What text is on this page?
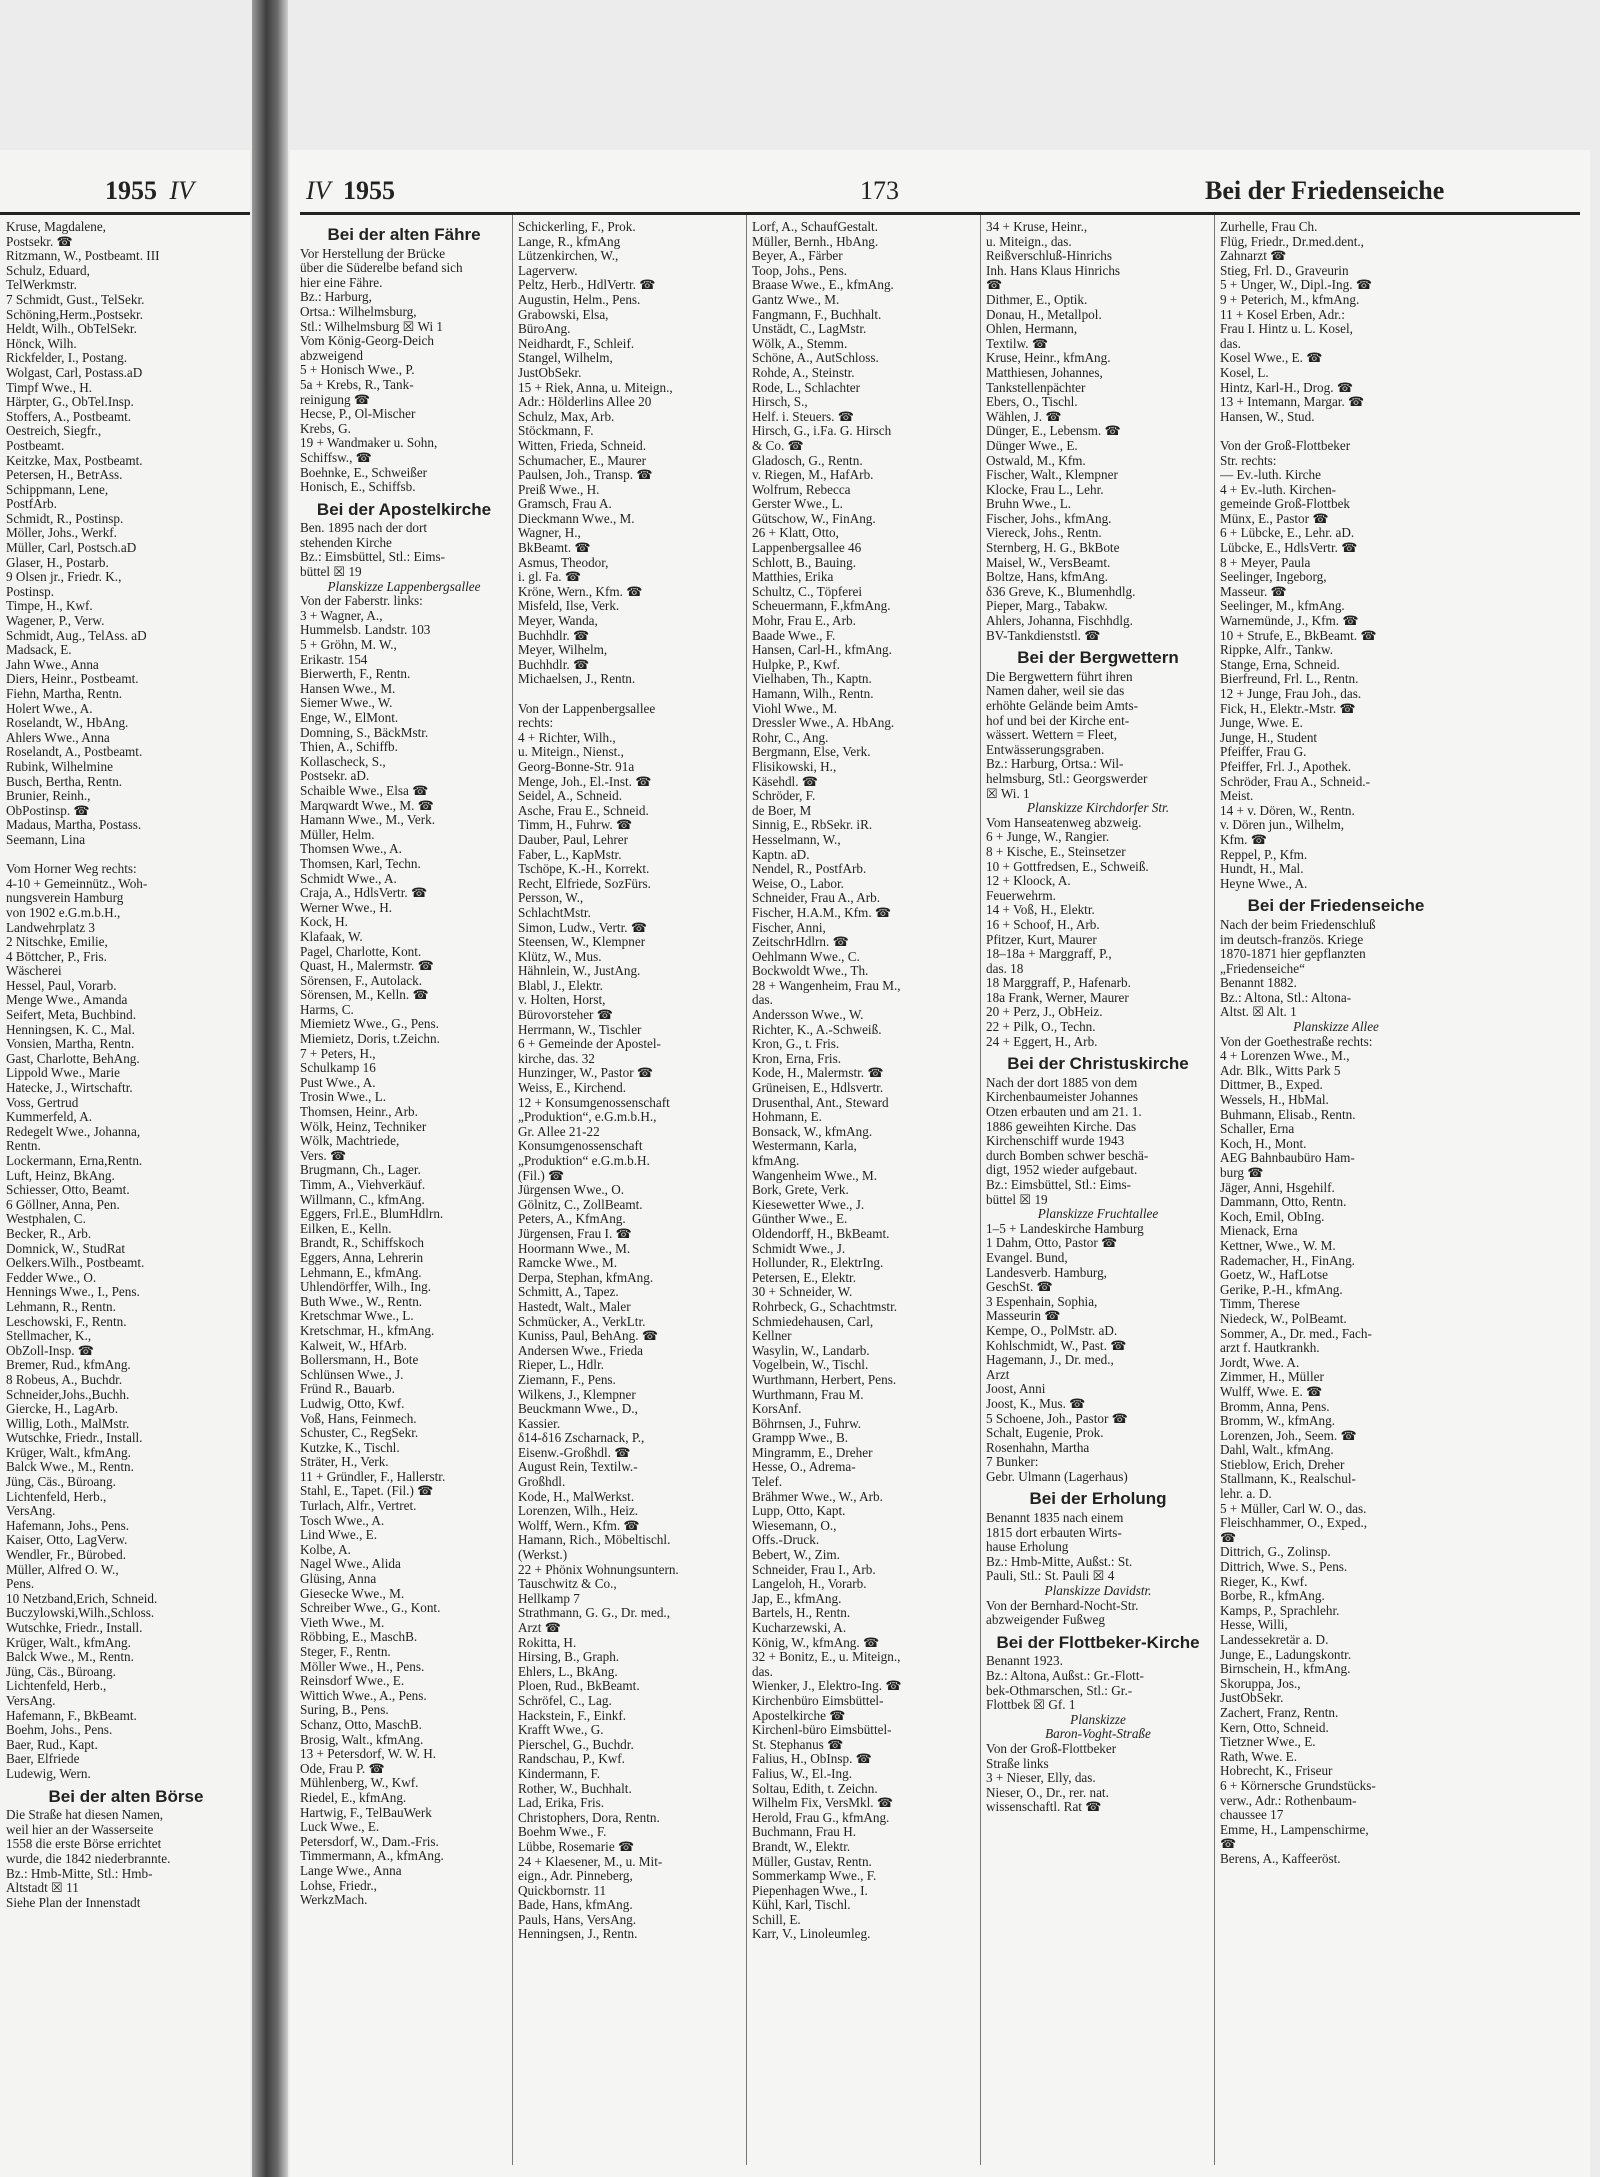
1955 IV	IV 1955	173	Bei der Friedenseiche
Kruse, Magdalene,
Postsekr. ☎
Ritzmann, W., Postbeamt. III
Schulz, Eduard,
TelWerkmstr.
7 Schmidt, Gust., TelSekr.
Schöning,Herm.,Postsekr.
Heldt, Wilh., ObTelSekr.
Hönck, Wilh.
Rickfelder, I., Postang.
Wolgast, Carl, Postass.aD
Timpf Wwe., H.
Härpter, G., ObTel.Insp.
Stoffers, A., Postbeamt.
Oestreich, Siegfr.,
Postbeamt.
Keitzke, Max, Postbeamt.
Petersen, H., BetrAss.
Schippmann, Lene,
PostfArb.
Schmidt, R., Postinsp.
Möller, Johs., Werkf.
Müller, Carl, Postsch.aD
Glaser, H., Postarb.
9 Olsen jr., Friedr. K.,
Postinsp.
Timpe, H., Kwf.
Wagener, P., Verw.
Schmidt, Aug., TelAss. aD
Madsack, E.
Jahn Wwe., Anna
Diers, Heinr., Postbeamt.
Fiehn, Martha, Rentn.
Holert Wwe., A.
Roselandt, W., HbAng.
Ahlers Wwe., Anna
Roselandt, A., Postbeamt.
Rubink, Wilhelmine
Busch, Bertha, Rentn.
Brunier, Reinh.,
ObPostinsp. ☎
Madaus, Martha, Postass.
Seemann, Lina

Vom Horner Weg rechts:
4-10 + Gemeinnütz., Woh-
nungsverein Hamburg
von 1902 e.G.m.b.H.,
Landwehrplatz 3
2 Nitschke, Emilie,
4 Böttcher, P., Fris.
Wäscherei
Hessel, Paul, Vorarb.
Menge Wwe., Amanda
Seifert, Meta, Buchbind.
Henningsen, K. C., Mal.
Vonsien, Martha, Rentn.
Gast, Charlotte, BehAng.
Lippold Wwe., Marie
Hatecke, J., Wirtschaftr.
Voss, Gertrud
Kummerfeld, A.
Redegelt Wwe., Johanna,
Rentn.
Lockermann, Erna,Rentn.
Luft, Heinz, BkAng.
Schiesser, Otto, Beamt.
6 Göllner, Anna, Pen.
Westphalen, C.
Becker, R., Arb.
Domnick, W., StudRat
Oelkers.Wilh., Postbeamt.
Fedder Wwe., O.
Hennings Wwe., I., Pens.
Lehmann, R., Rentn.
Leschowski, F., Rentn.
Stellmacher, K.,
ObZoll-Insp. ☎
Bremer, Rud., kfmAng.
8 Robeus, A., Buchdr.
Schneider,Johs.,Buchh.
Giercke, H., LagArb.
Willig, Loth., MalMstr.
Wutschke, Friedr., Install.
Krüger, Walt., kfmAng.
Balck Wwe., M., Rentn.
Jüng, Cäs., Büroang.
Lichtenfeld, Herb.,
VersAng.
Hafemann, Johs., Pens.
Kaiser, Otto, LagVerw.
Wendler, Fr., Bürobed.
Müller, Alfred O. W.,
Pens.
10 Netzband,Erich, Schneid.
Buczylowski,Wilh.,Schloss.
Wutschke, Friedr., Install.
Krüger, Walt., kfmAng.
Balck Wwe., M., Rentn.
Jüng, Cäs., Büroang.
Lichtenfeld, Herb.,
VersAng.
Hafemann, F., BkBeamt.
Boehm, Johs., Pens.
Baer, Rud., Kapt.
Baer, Elfriede
Ludewig, Wern.
Bei der alten Börse
Die Straße hat diesen Namen,
weil hier an der Wasserseite
1558 die erste Börse errichtet
wurde, die 1842 niederbrannte.
Bz.: Hmb-Mitte, Stl.: Hmb-
Altstadt ☒ 11
Siehe Plan der Innenstadt
Bei der alten Fähre
Vor Herstellung der Brücke
über die Süderelbe befand sich
hier eine Fähre.
Bz.: Harburg,
Ortsa.: Wilhelmsburg,
Stl.: Wilhelmsburg ☒ Wi 1
Vom König-Georg-Deich
abzweigend
5 + Honisch Wwe., P.
5a + Krebs, R., Tank-
reinigung ☎
Hecse, P., Ol-Mischer
Krebs, G.
19 + Wandmaker u. Sohn,
Schiffsw., ☎
Boehnke, E., Schweißer
Honisch, E., Schiffsb.
Bei der Apostelkirche
Ben. 1895 nach der dort
stehenden Kirche
Bz.: Eimsbüttel, Stl.: Eims-
büttel ☒ 19
Planskizze Lappenbergsallee
Von der Faberstr. links:
3 + Wagner, A.,
Hummelsb. Landstr. 103
5 + Gröhn, M. W.,
Erikastr. 154
Bierwerth, F., Rentn.
Hansen Wwe., M.
Siemer Wwe., W.
Enge, W., ElMont.
Domning, S., BäckMstr.
Thien, A., Schiffb.
Kollascheck, S.,
Postsekr. aD.
Schaible Wwe., Elsa ☎
Marqwardt Wwe., M. ☎
Hamann Wwe., M., Verk.
Müller, Helm.
Thomsen Wwe., A.
Thomsen, Karl, Techn.
Schmidt Wwe., A.
Craja, A., HdlsVertr. ☎
Werner Wwe., H.
Kock, H.
Klafaak, W.
Pagel, Charlotte, Kont.
Quast, H., Malermstr. ☎
Sörensen, F., Autolack.
Sörensen, M., Kelln. ☎
Harms, C.
Miemietz Wwe., G., Pens.
Miemietz, Doris, t.Zeichn.
7 + Peters, H.,
Schulkamp 16
Pust Wwe., A.
Trosin Wwe., L.
Thomsen, Heinr., Arb.
Wölk, Heinz, Techniker
Wölk, Machtriede,
Vers. ☎
Brugmann, Ch., Lager.
Timm, A., Viehverkäuf.
Willmann, C., kfmAng.
Eggers, Frl.E., BlumHdlrn.
Eilken, E., Kelln.
Brandt, R., Schiffskoch
Eggers, Anna, Lehrerin
Lehmann, E., kfmAng.
Uhlendörffer, Wilh., Ing.
Buth Wwe., W., Rentn.
Kretschmar Wwe., L.
Kretschmar, H., kfmAng.
Kalweit, W., HfArb.
Bollersmann, H., Bote
Schlünsen Wwe., J.
Fründ R., Bauarb.
Ludwig, Otto, Kwf.
Voß, Hans, Feinmech.
Schuster, C., RegSekr.
Kutzke, K., Tischl.
Sträter, H., Verk.
11 + Gründler, F., Hallerstr.
Stahl, E., Tapet. (Fil.) ☎
Turlach, Alfr., Vertret.
Tosch Wwe., A.
Lind Wwe., E.
Kolbe, A.
Nagel Wwe., Alida
Glüsing, Anna
Giesecke Wwe., M.
Schreiber Wwe., G., Kont.
Vieth Wwe., M.
Röbbing, E., MaschB.
Steger, F., Rentn.
Möller Wwe., H., Pens.
Reinsdorf Wwe., E.
Wittich Wwe., A., Pens.
Suring, B., Pens.
Schanz, Otto, MaschB.
Brosig, Walt., kfmAng.
13 + Petersdorf, W. W. H.
Ode, Frau P. ☎
Mühlenberg, W., Kwf.
Riedel, E., kfmAng.
Hartwig, F., TelBauWerk
Luck Wwe., E.
Petersdorf, W., Dam.-Fris.
Timmermann, A., kfmAng.
Lange Wwe., Anna
Lohse, Friedr.,
WerkzMach.
Schickerling, F., Prok.
Lange, R., kfmAng
Lützenkirchen, W.,
Lagerverw.
Peltz, Herb., HdlVertr. ☎
Augustin, Helm., Pens.
Grabowski, Elsa,
BüroAng.
Neidhardt, F., Schleif.
Stangel, Wilhelm,
JustObSekr.
15 + Riek, Anna, u. Miteign.,
Adr.: Hölderlins Allee 20
Schulz, Max, Arb.
Stöckmann, F.
Witten, Frieda, Schneid.
Schumacher, E., Maurer
Paulsen, Joh., Transp. ☎
Preiß Wwe., H.
Gramsch, Frau A.
Dieckmann Wwe., M.
Wagner, H.,
BkBeamt. ☎
Asmus, Theodor,
i. gl. Fa. ☎
Kröne, Wern., Kfm. ☎
Misfeld, Ilse, Verk.
Meyer, Wanda,
Buchhdlr. ☎
Meyer, Wilhelm,
Buchhdlr. ☎
Michaelsen, J., Rentn.

Von der Lappenbergsallee
rechts:
4 + Richter, Wilh.,
u. Miteign., Nienst.,
Georg-Bonne-Str. 91a
Menge, Joh., El.-Inst. ☎
Seidel, A., Schneid.
Asche, Frau E., Schneid.
Timm, H., Fuhrw. ☎
Dauber, Paul, Lehrer
Faber, L., KapMstr.
Tschöpe, K.-H., Korrekt.
Recht, Elfriede, SozFürs.
Persson, W.,
SchlachtMstr.
Simon, Ludw., Vertr. ☎
Steensen, W., Klempner
Klütz, W., Mus.
Hähnlein, W., JustAng.
Blabl, J., Elektr.
v. Holten, Horst,
Bürovorsteher ☎
Herrmann, W., Tischler
6 + Gemeinde der Apostel-
kirche, das. 32
Hunzinger, W., Pastor ☎
Weiss, E., Kirchend.
12 + Konsumgenossenschaft
„Produktion“, e.G.m.b.H.,
Gr. Allee 21-22
Konsumgenossenschaft
„Produktion“ e.G.m.b.H.
(Fil.) ☎
Jürgensen Wwe., O.
Gölnitz, C., ZollBeamt.
Peters, A., KfmAng.
Jürgensen, Frau I. ☎
Hoormann Wwe., M.
Ramcke Wwe., M.
Derpa, Stephan, kfmAng.
Schmitt, A., Tapez.
Hastedt, Walt., Maler
Schmücker, A., VerkLtr.
Kuniss, Paul, BehAng. ☎
Andersen Wwe., Frieda
Rieper, L., Hdlr.
Ziemann, F., Pens.
Wilkens, J., Klempner
Beuckmann Wwe., D.,
Kassier.
δ14-δ16 Zscharnack, P.,
Eisenw.-Großhdl. ☎
August Rein, Textilw.-
Großhdl.
Kode, H., MalWerkst.
Lorenzen, Wilh., Heiz.
Wolff, Wern., Kfm. ☎
Hamann, Rich., Möbeltischl.
(Werkst.)
22 + Phönix Wohnungsuntern.
Tauschwitz & Co.,
Hellkamp 7
Strathmann, G. G., Dr. med.,
Arzt ☎
Rokitta, H.
Hirsing, B., Graph.
Ehlers, L., BkAng.
Ploen, Rud., BkBeamt.
Schröfel, C., Lag.
Hackstein, F., Einkf.
Krafft Wwe., G.
Pierschel, G., Buchdr.
Randschau, P., Kwf.
Kindermann, F.
Rother, W., Buchhalt.
Lad, Erika, Fris.
Christophers, Dora, Rentn.
Boehm Wwe., F.
Lübbe, Rosemarie ☎
24 + Klaesener, M., u. Mit-
eign., Adr. Pinneberg,
Quickbornstr. 11
Bade, Hans, kfmAng.
Pauls, Hans, VersAng.
Henningsen, J., Rentn.
Lorf, A., SchaufGestalt.
Müller, Bernh., HbAng.
Beyer, A., Färber
Toop, Johs., Pens.
Braase Wwe., E., kfmAng.
Gantz Wwe., M.
Fangmann, F., Buchhalt.
Unstädt, C., LagMstr.
Wölk, A., Stemm.
Schöne, A., AutSchloss.
Rohde, A., Steinstr.
Rode, L., Schlachter
Hirsch, S.,
Helf. i. Steuers. ☎
Hirsch, G., i.Fa. G. Hirsch
& Co. ☎
Gladosch, G., Rentn.
v. Riegen, M., HafArb.
Wolfrum, Rebecca
Gerster Wwe., L.
Gütschow, W., FinAng.
26 + Klatt, Otto,
Lappenbergsallee 46
Schlott, B., Bauing.
Matthies, Erika
Schultz, C., Töpferei
Scheuermann, F.,kfmAng.
Mohr, Frau E., Arb.
Baade Wwe., F.
Hansen, Carl-H., kfmAng.
Hulpke, P., Kwf.
Vielhaben, Th., Kaptn.
Hamann, Wilh., Rentn.
Viohl Wwe., M.
Dressler Wwe., A. HbAng.
Rohr, C., Ang.
Bergmann, Else, Verk.
Flisikowski, H.,
Käsehdl. ☎
Schröder, F.
de Boer, M
Sinnig, E., RbSekr. iR.
Hesselmann, W.,
Kaptn. aD.
Nendel, R., PostfArb.
Weise, O., Labor.
Schneider, Frau A., Arb.
Fischer, H.A.M., Kfm. ☎
Fischer, Anni,
ZeitschrHdlrn. ☎
Oehlmann Wwe., C.
Bockwoldt Wwe., Th.
28 + Wangenheim, Frau M.,
das.
Andersson Wwe., W.
Richter, K., A.-Schweiß.
Kron, G., t. Fris.
Kron, Erna, Fris.
Kode, H., Malermstr. ☎
Grüneisen, E., Hdlsvertr.
Drusenthal, Ant., Steward
Hohmann, E.
Bonsack, W., kfmAng.
Westermann, Karla,
kfmAng.
Wangenheim Wwe., M.
Bork, Grete, Verk.
Kiesewetter Wwe., J.
Günther Wwe., E.
Oldendorff, H., BkBeamt.
Schmidt Wwe., J.
Hollunder, R., ElektrIng.
Petersen, E., Elektr.
30 + Schneider, W.
Rohrbeck, G., Schachtmstr.
Schmiedehausen, Carl,
Kellner
Wasylin, W., Landarb.
Vogelbein, W., Tischl.
Wurthmann, Herbert, Pens.
Wurthmann, Frau M.
KorsAnf.
Böhrnsen, J., Fuhrw.
Grampp Wwe., B.
Mingramm, E., Dreher
Hesse, O., Adrema-
Telef.
Brähmer Wwe., W., Arb.
Lupp, Otto, Kapt.
Wiesemann, O.,
Offs.-Druck.
Bebert, W., Zim.
Schneider, Frau I., Arb.
Langeloh, H., Vorarb.
Jap, E., kfmAng.
Bartels, H., Rentn.
Kucharzewski, A.
König, W., kfmAng. ☎
32 + Bonitz, E., u. Miteign.,
das.
Wienker, J., Elektro-Ing. ☎
Kirchenbüro Eimsbüttel-
Apostelkirche ☎
Kirchenl-büro Eimsbüttel-
St. Stephanus ☎
Falius, H., ObInsp. ☎
Falius, W., El.-Ing.
Soltau, Edith, t. Zeichn.
Wilhelm Fix, VersMkl. ☎
Herold, Frau G., kfmAng.
Buchmann, Frau H.
Brandt, W., Elektr.
Müller, Gustav, Rentn.
Sommerkamp Wwe., F.
Piepenhagen Wwe., I.
Kühl, Karl, Tischl.
Schill, E.
Karr, V., Linoleumleg.
34 + Kruse, Heinr.,
u. Miteign., das.
Reißverschluß-Hinrichs
Inh. Hans Klaus Hinrichs
☎
Dithmer, E., Optik.
Donau, H., Metallpol.
Ohlen, Hermann,
Textilw. ☎
Kruse, Heinr., kfmAng.
Matthiesen, Johannes,
Tankstellenpächter
Ebers, O., Tischl.
Wählen, J. ☎
Dünger, E., Lebensm. ☎
Dünger Wwe., E.
Ostwald, M., Kfm.
Fischer, Walt., Klempner
Klocke, Frau L., Lehr.
Bruhn Wwe., L.
Fischer, Johs., kfmAng.
Viereck, Johs., Rentn.
Sternberg, H. G., BkBote
Maisel, W., VersBeamt.
Boltze, Hans, kfmAng.
δ36 Greve, K., Blumenhdlg.
Pieper, Marg., Tabakw.
Ahlers, Johanna, Fischhdlg.
BV-Tankdienststl. ☎
Bei der Bergwettern
Die Bergwettern führt ihren
Namen daher, weil sie das
erhöhte Gelände beim Amts-
hof und bei der Kirche ent-
wässert. Wettern = Fleet,
Entwässerungsgraben.
Bz.: Harburg, Ortsa.: Wil-
helmsburg, Stl.: Georgswerder
☒ Wi. 1
Planskizze Kirchdorfer Str.
Vom Hanseatenweg abzweig.
6 + Junge, W., Rangier.
8 + Kische, E., Steinsetzer
10 + Gottfredsen, E., Schweiß.
12 + Kloock, A.
Feuerwehrm.
14 + Voß, H., Elektr.
16 + Schoof, H., Arb.
Pfitzer, Kurt, Maurer
18–18a + Marggraff, P.,
das. 18
18 Marggraff, P., Hafenarb.
18a Frank, Werner, Maurer
20 + Perz, J., ObHeiz.
22 + Pilk, O., Techn.
24 + Eggert, H., Arb.
Bei der Christuskirche
Nach der dort 1885 von dem
Kirchenbaumeister Johannes
Otzen erbauten und am 21. 1.
1886 geweihten Kirche. Das
Kirchenschiff wurde 1943
durch Bomben schwer beschä-
digt, 1952 wieder aufgebaut.
Bz.: Eimsbüttel, Stl.: Eims-
büttel ☒ 19
Planskizze Fruchtallee
1–5 + Landeskirche Hamburg
1 Dahm, Otto, Pastor ☎
Evangel. Bund,
Landesverb. Hamburg,
GeschSt. ☎
3 Espenhain, Sophia,
Masseurin ☎
Kempe, O., PolMstr. aD.
Kohlschmidt, W., Past. ☎
Hagemann, J., Dr. med.,
Arzt
Joost, Anni
Joost, K., Mus. ☎
5 Schoene, Joh., Pastor ☎
Schalt, Eugenie, Prok.
Rosenhahn, Martha
7 Bunker:
Gebr. Ulmann (Lagerhaus)
Bei der Erholung
Benannt 1835 nach einem
1815 dort erbauten Wirts-
hause Erholung
Bz.: Hmb-Mitte, Außst.: St.
Pauli, Stl.: St. Pauli ☒ 4
Planskizze Davidstr.
Von der Bernhard-Nocht-Str.
abzweigender Fußweg
Bei der Flottbeker-Kirche
Benannt 1923.
Bz.: Altona, Außst.: Gr.-Flott-
bek-Othmarschen, Stl.: Gr.-
Flottbek ☒ Gf. 1
Planskizze
Baron-Voght-Straße
Von der Groß-Flottbeker
Straße links
3 + Nieser, Elly, das.
Nieser, O., Dr., rer. nat.
wissenschaftl. Rat ☎
Zurhelle, Frau Ch.
Flüg, Friedr., Dr.med.dent.,
Zahnarzt ☎
Stieg, Frl. D., Graveurin
5 + Unger, W., Dipl.-Ing. ☎
9 + Peterich, M., kfmAng.
11 + Kosel Erben, Adr.:
Frau I. Hintz u. L. Kosel,
das.
Kosel Wwe., E. ☎
Kosel, L.
Hintz, Karl-H., Drog. ☎
13 + Intemann, Margar. ☎
Hansen, W., Stud.

Von der Groß-Flottbeker
Str. rechts:
— Ev.-luth. Kirche
4 + Ev.-luth. Kirchen-
gemeinde Groß-Flottbek
Münx, E., Pastor ☎
6 + Lübcke, E., Lehr. aD.
Lübcke, E., HdlsVertr. ☎
8 + Meyer, Paula
Seelinger, Ingeborg,
Masseur. ☎
Seelinger, M., kfmAng.
Warnemünde, J., Kfm. ☎
10 + Strufe, E., BkBeamt. ☎
Rippke, Alfr., Tankw.
Stange, Erna, Schneid.
Bierfreund, Frl. L., Rentn.
12 + Junge, Frau Joh., das.
Fick, H., Elektr.-Mstr. ☎
Junge, Wwe. E.
Junge, H., Student
Pfeiffer, Frau G.
Pfeiffer, Frl. J., Apothek.
Schröder, Frau A., Schneid.-
Meist.
14 + v. Dören, W., Rentn.
v. Dören jun., Wilhelm,
Kfm. ☎
Reppel, P., Kfm.
Hundt, H., Mal.
Heyne Wwe., A.
Bei der Friedenseiche
Nach der beim Friedenschluß
im deutsch-französ. Kriege
1870-1871 hier gepflanzten
„Friedenseiche“
Benannt 1882.
Bz.: Altona, Stl.: Altona-
Altst. ☒ Alt. 1
Planskizze Allee
Von der Goethestraße rechts:
4 + Lorenzen Wwe., M.,
Adr. Blk., Witts Park 5
Dittmer, B., Exped.
Wessels, H., HbMal.
Buhmann, Elisab., Rentn.
Schaller, Erna
Koch, H., Mont.
AEG Bahnbaubüro Ham-
burg ☎
Jäger, Anni, Hsgehilf.
Dammann, Otto, Rentn.
Koch, Emil, ObIng.
Mienack, Erna
Kettner, Wwe., W. M.
Rademacher, H., FinAng.
Goetz, W., HafLotse
Gerike, P.-H., kfmAng.
Timm, Therese
Niedeck, W., PolBeamt.
Sommer, A., Dr. med., Fach-
arzt f. Hautkrankh.
Jordt, Wwe. A.
Zimmer, H., Müller
Wulff, Wwe. E. ☎
Bromm, Anna, Pens.
Bromm, W., kfmAng.
Lorenzen, Joh., Seem. ☎
Dahl, Walt., kfmAng.
Stieblow, Erich, Dreher
Stallmann, K., Realschul-
lehr. a. D.
5 + Müller, Carl W. O., das.
Fleischhammer, O., Exped.,
☎
Dittrich, G., Zolinsp.
Dittrich, Wwe. S., Pens.
Rieger, K., Kwf.
Borbe, R., kfmAng.
Kamps, P., Sprachlehr.
Hesse, Willi,
Landessekretär a. D.
Junge, E., Ladungskontr.
Birnschein, H., kfmAng.
Skoruppa, Jos.,
JustObSekr.
Zachert, Franz, Rentn.
Kern, Otto, Schneid.
Tietzner Wwe., E.
Rath, Wwe. E.
Hobrecht, K., Friseur
6 + Körnersche Grundstücks-
verw., Adr.: Rothenbaum-
chaussee 17
Emme, H., Lampenschirme,
☎
Berens, A., Kaffeeröst.
